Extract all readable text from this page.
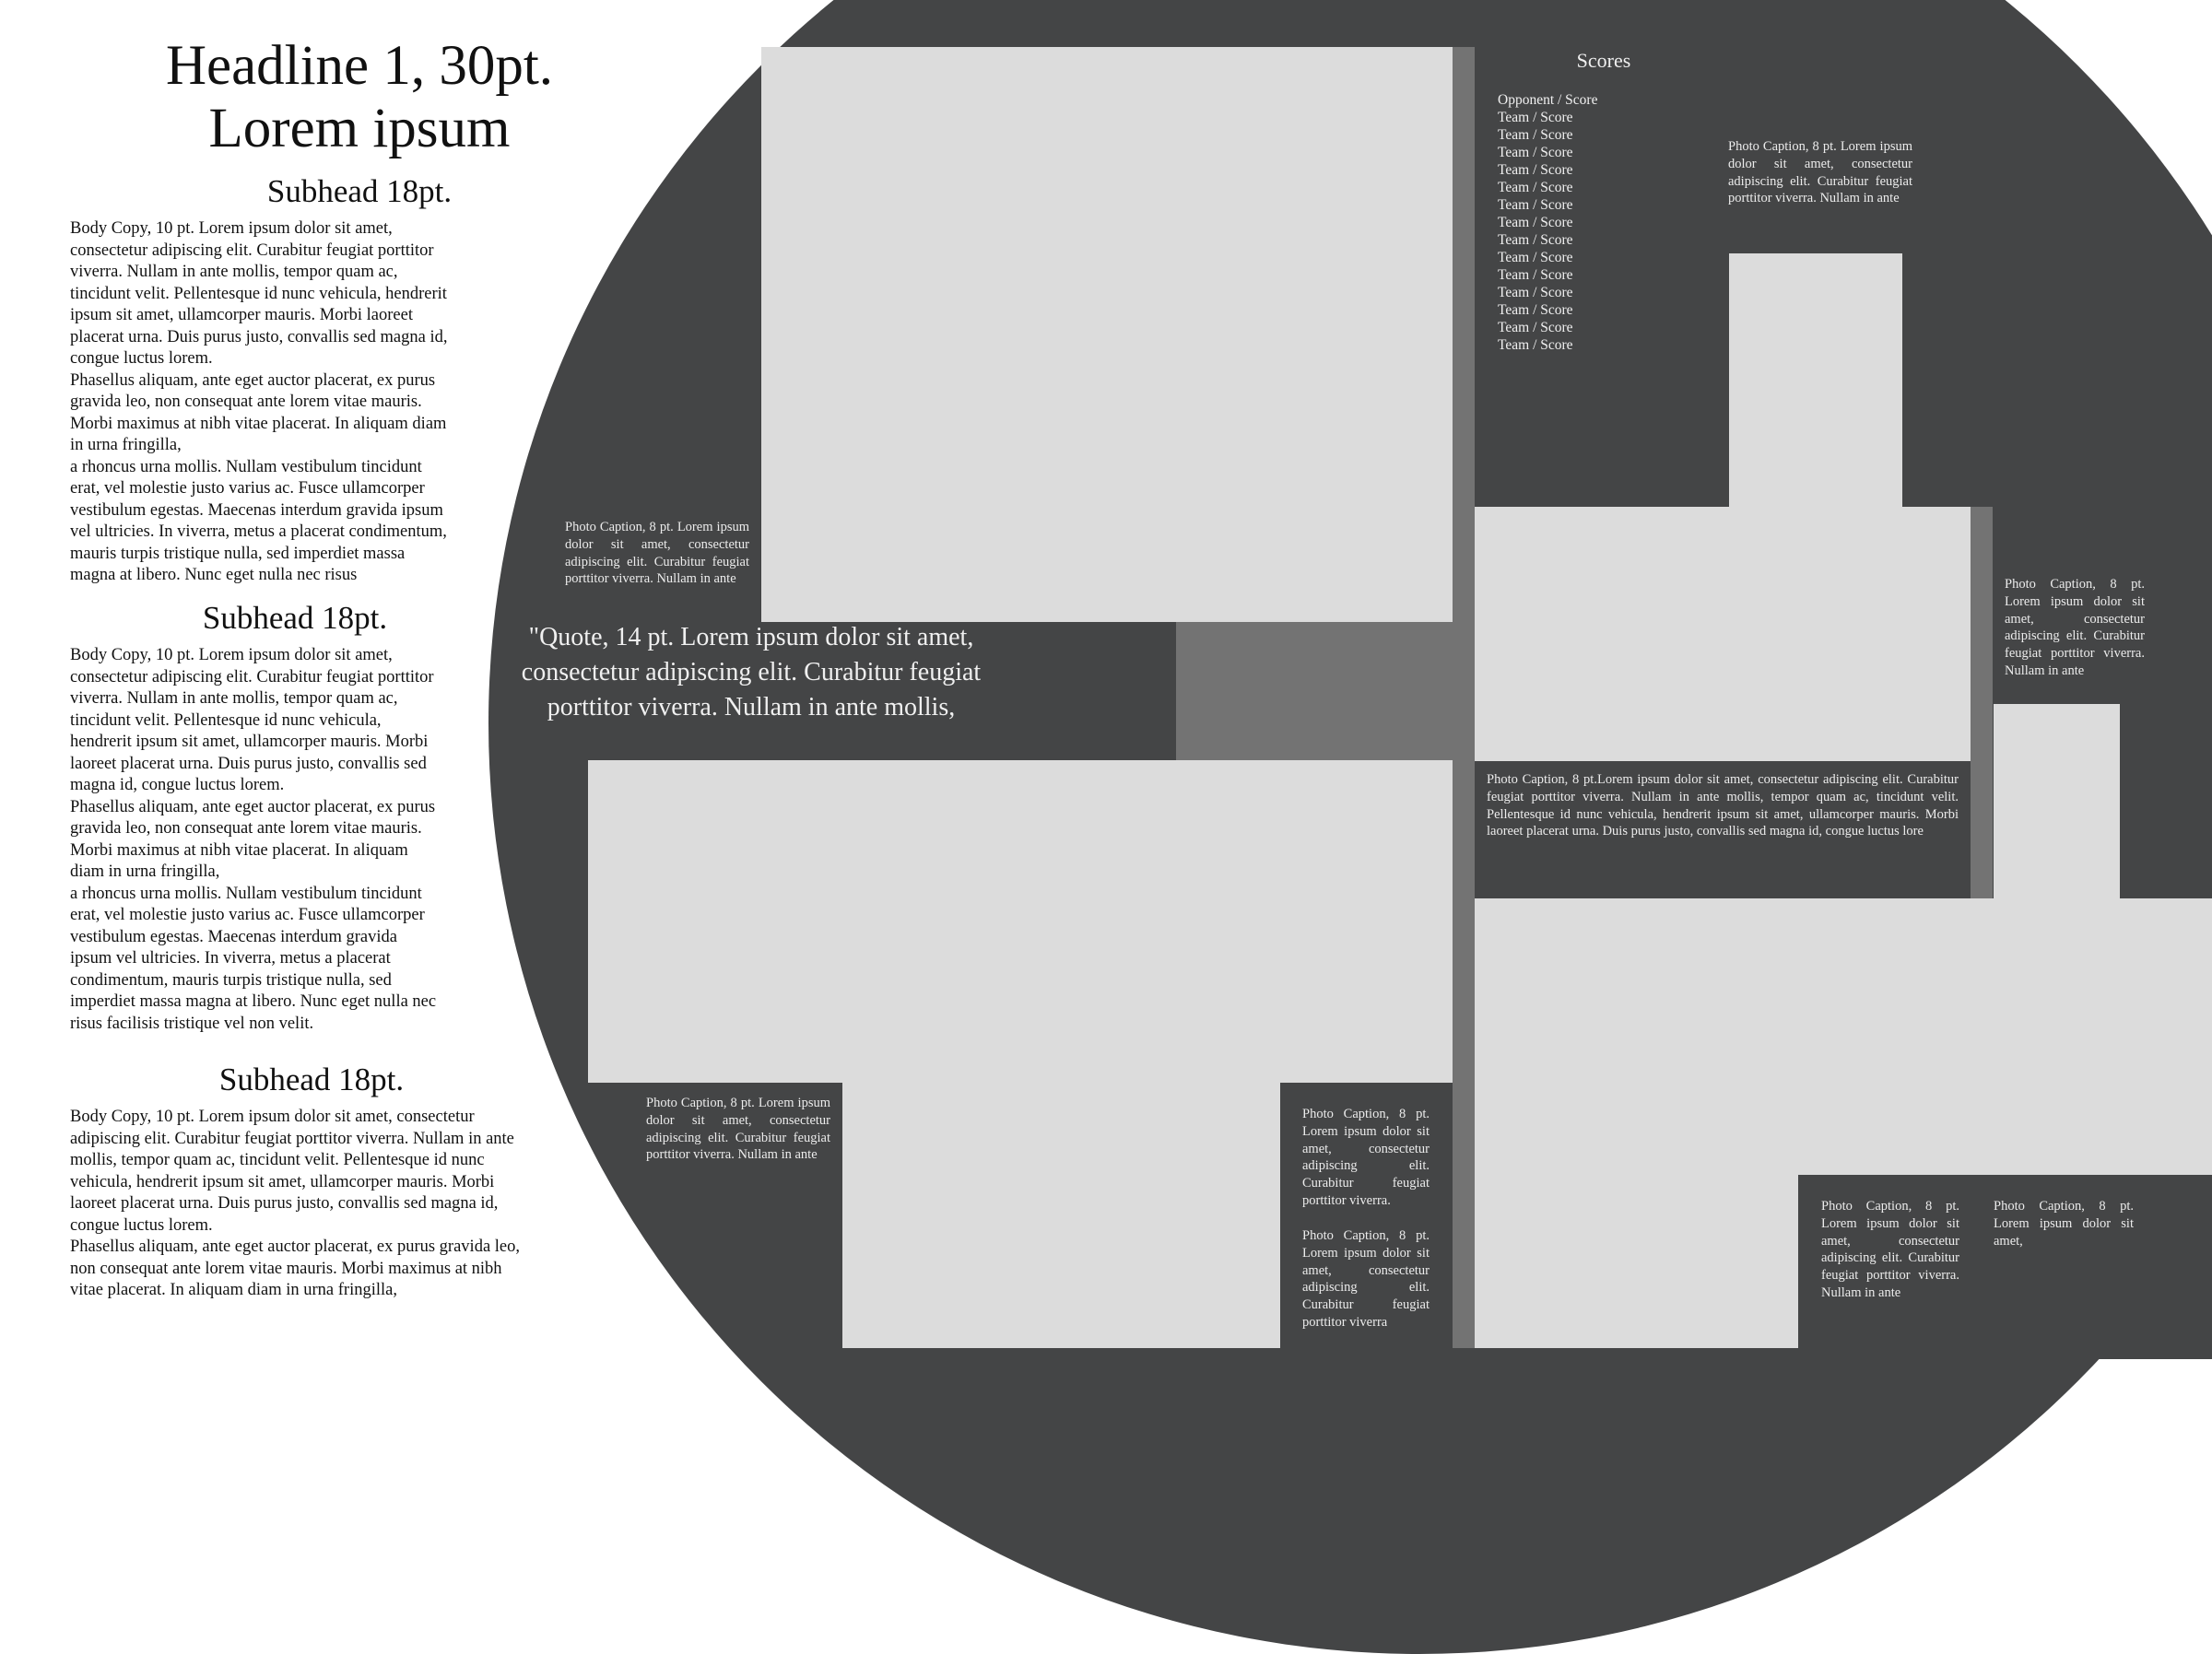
Headline 1, 30pt.
Lorem ipsum
Subhead 18pt.
Body Copy, 10 pt. Lorem ipsum dolor sit amet,
consectetur adipiscing elit. Curabitur feugiat porttitor
viverra. Nullam in ante mollis, tempor quam ac,
tincidunt velit. Pellentesque id nunc vehicula, hendrerit
ipsum sit amet, ullamcorper mauris. Morbi laoreet
placerat urna. Duis purus justo, convallis sed magna id,
congue luctus lorem.
Phasellus aliquam, ante eget auctor placerat, ex purus
gravida leo, non consequat ante lorem vitae mauris.
Morbi maximus at nibh vitae placerat. In aliquam diam
in urna fringilla,
a rhoncus urna mollis. Nullam vestibulum tincidunt
erat, vel molestie justo varius ac. Fusce ullamcorper
vestibulum egestas. Maecenas interdum gravida ipsum
vel ultricies. In viverra, metus a placerat condimentum,
mauris turpis tristique nulla, sed imperdiet massa
magna at libero. Nunc eget nulla nec risus
Subhead 18pt.
Body Copy, 10 pt. Lorem ipsum dolor sit amet,
consectetur adipiscing elit. Curabitur feugiat porttitor
viverra. Nullam in ante mollis, tempor quam ac,
tincidunt velit. Pellentesque id nunc vehicula,
hendrerit ipsum sit amet, ullamcorper mauris. Morbi
laoreet placerat urna. Duis purus justo, convallis sed
magna id, congue luctus lorem.
Phasellus aliquam, ante eget auctor placerat, ex purus
gravida leo, non consequat ante lorem vitae mauris.
Morbi maximus at nibh vitae placerat. In aliquam
diam in urna fringilla,
a rhoncus urna mollis. Nullam vestibulum tincidunt
erat, vel molestie justo varius ac. Fusce ullamcorper
vestibulum egestas. Maecenas interdum gravida
ipsum vel ultricies. In viverra, metus a placerat
condimentum, mauris turpis tristique nulla, sed
imperdiet massa magna at libero. Nunc eget nulla nec
risus facilisis tristique vel non velit.
Subhead 18pt.
Body Copy, 10 pt. Lorem ipsum dolor sit amet, consectetur
adipiscing elit. Curabitur feugiat porttitor viverra. Nullam in ante
mollis, tempor quam ac, tincidunt velit. Pellentesque id nunc
vehicula, hendrerit ipsum sit amet, ullamcorper mauris. Morbi
laoreet placerat urna. Duis purus justo, convallis sed magna id,
congue luctus lorem.
Phasellus aliquam, ante eget auctor placerat, ex purus gravida leo,
non consequat ante lorem vitae mauris. Morbi maximus at nibh
vitae placerat. In aliquam diam in urna fringilla,
"Quote, 14 pt. Lorem ipsum dolor sit amet, consectetur adipiscing elit. Curabitur feugiat porttitor viverra. Nullam in ante mollis,
Scores
Opponent / Score
Team / Score
Team / Score
Team / Score
Team / Score
Team / Score
Team / Score
Team / Score
Team / Score
Team / Score
Team / Score
Team / Score
Team / Score
Team / Score
Team / Score
Photo Caption, 8 pt. Lorem ipsum dolor sit amet, consectetur adipiscing elit. Curabitur feugiat porttitor viverra. Nullam in ante
Photo Caption, 8 pt. Lorem ipsum dolor sit amet, consectetur adipiscing elit. Curabitur feugiat porttitor viverra. Nullam in ante
Photo Caption, 8 pt. Lorem ipsum dolor sit amet, consectetur adipiscing elit. Curabitur feugiat porttitor viverra. Nullam in ante
Photo Caption, 8 pt.Lorem ipsum dolor sit amet, consectetur adipiscing elit. Curabitur feugiat porttitor viverra. Nullam in ante mollis, tempor quam ac, tincidunt velit. Pellentesque id nunc vehicula, hendrerit ipsum sit amet, ullamcorper mauris. Morbi laoreet placerat urna. Duis purus justo, convallis sed magna id, congue luctus lore
Photo Caption, 8 pt. Lorem ipsum dolor sit amet, consectetur adipiscing elit. Curabitur feugiat porttitor viverra. Nullam in ante
Photo Caption, 8 pt. Lorem ipsum dolor sit amet, consectetur adipiscing elit. Curabitur feugiat porttitor viverra.
Photo Caption, 8 pt. Lorem ipsum dolor sit amet, consectetur adipiscing elit. Curabitur feugiat porttitor viverra
Photo Caption, 8 pt. Lorem ipsum dolor sit amet, consectetur adipiscing elit. Curabitur feugiat porttitor viverra. Nullam in ante
Photo Caption, 8 pt. Lorem ipsum dolor sit amet,
